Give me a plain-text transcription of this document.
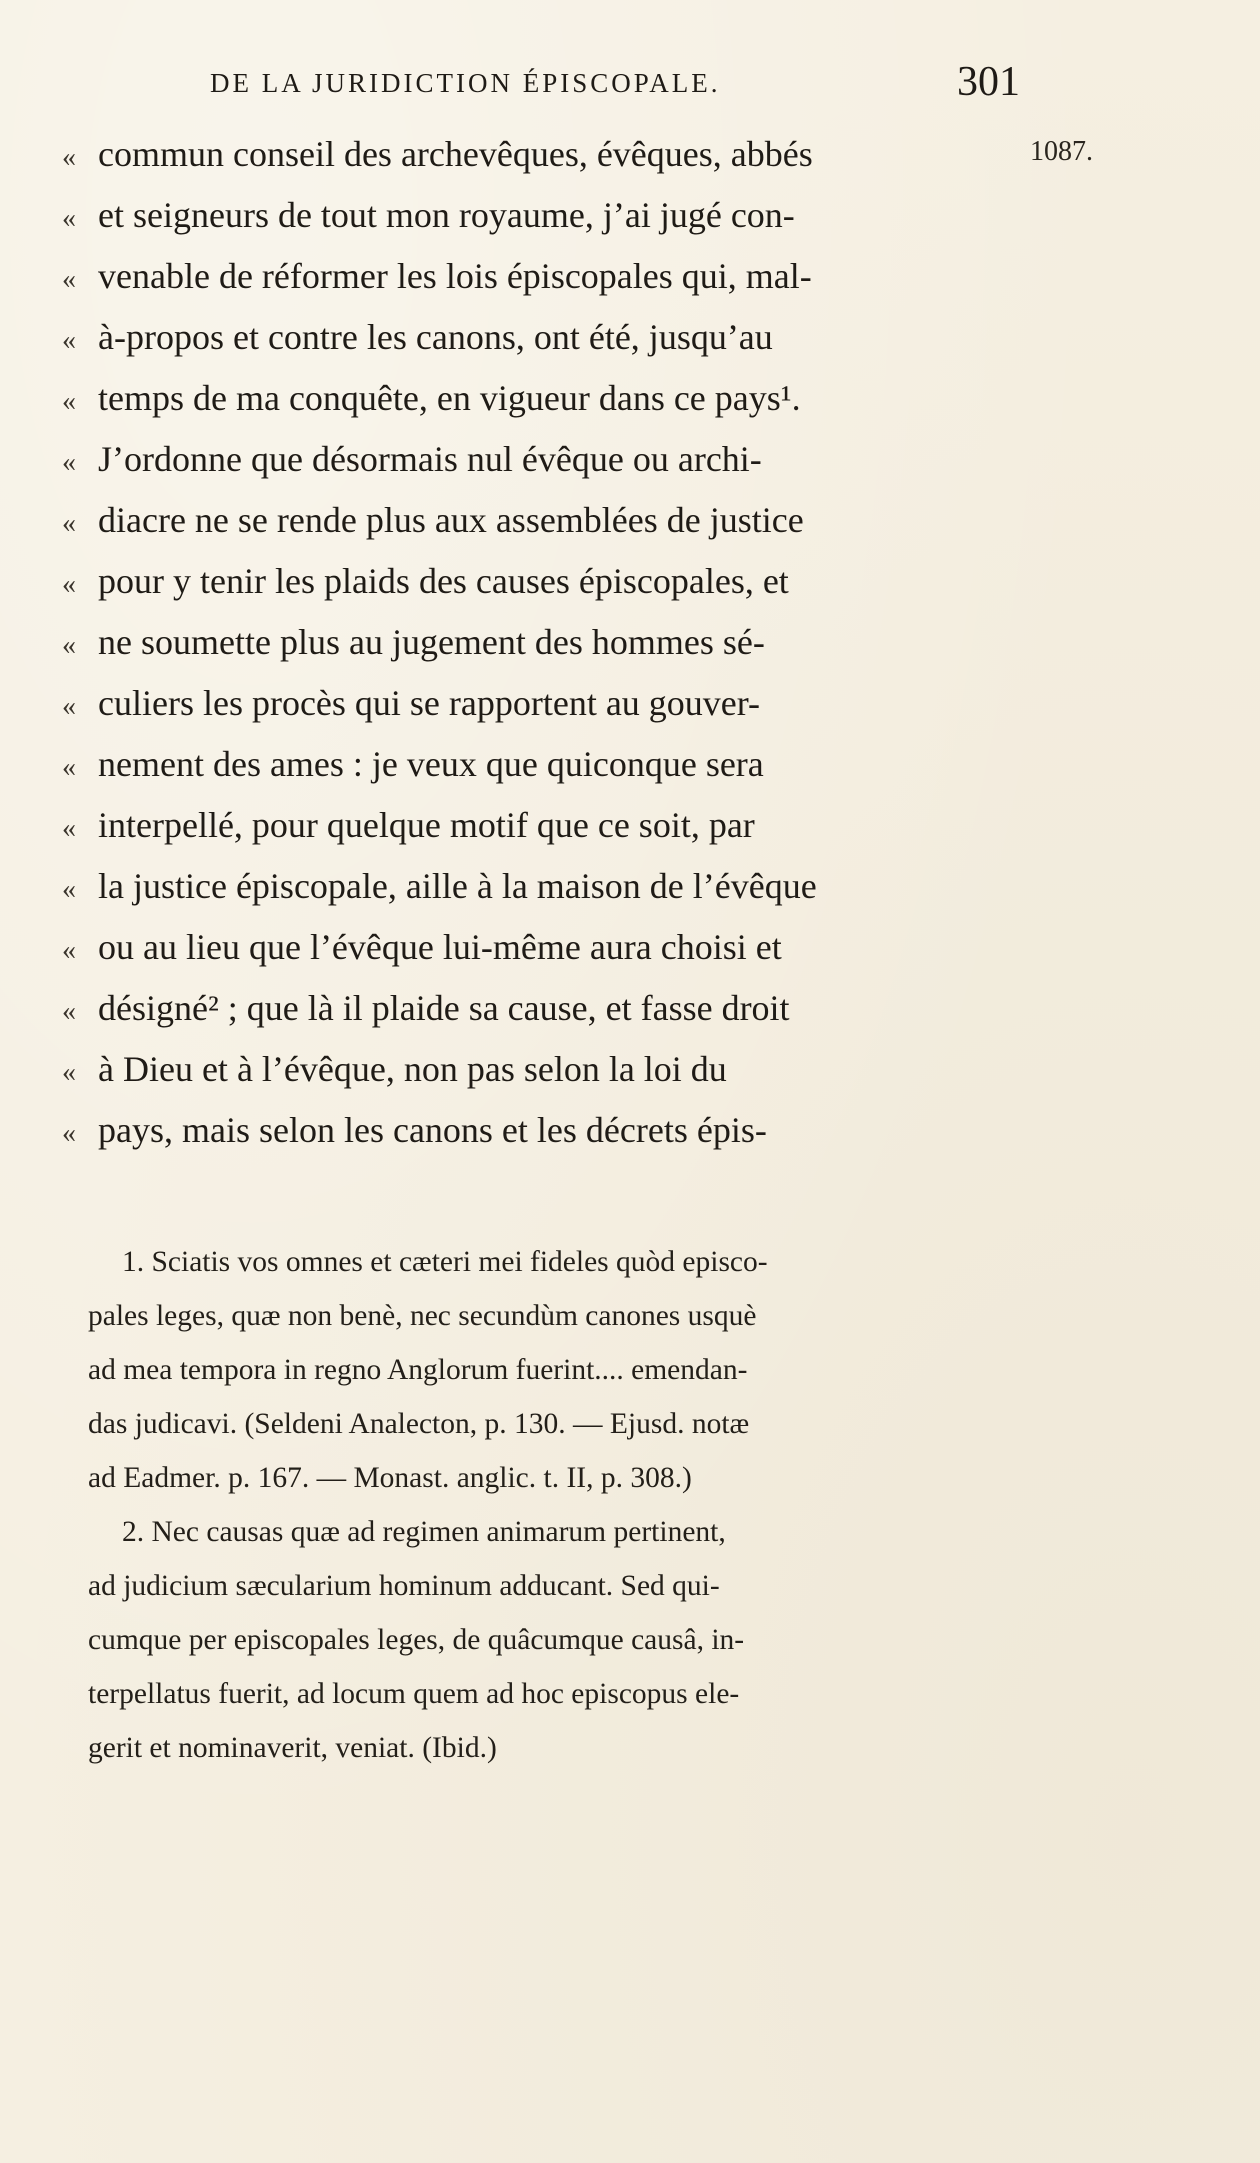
DE LA JURIDICTION ÉPISCOPALE.	301
1087.
« commun conseil des archevêques, évêques, abbés
« et seigneurs de tout mon royaume, j’ai jugé con-
« venable de réformer les lois épiscopales qui, mal-
« à-propos et contre les canons, ont été, jusqu’au
« temps de ma conquête, en vigueur dans ce pays¹.
« J’ordonne que désormais nul évêque ou archi-
« diacre ne se rende plus aux assemblées de justice
« pour y tenir les plaids des causes épiscopales, et
« ne soumette plus au jugement des hommes sé-
« culiers les procès qui se rapportent au gouver-
« nement des ames : je veux que quiconque sera
« interpellé, pour quelque motif que ce soit, par
« la justice épiscopale, aille à la maison de l’évêque
« ou au lieu que l’évêque lui-même aura choisi et
« désigné² ; que là il plaide sa cause, et fasse droit
« à Dieu et à l’évêque, non pas selon la loi du
« pays, mais selon les canons et les décrets épis-
1. Sciatis vos omnes et cæteri mei fideles quòd episco-
pales leges, quæ non benè, nec secundùm canones usquè
ad mea tempora in regno Anglorum fuerint.... emendan-
das judicavi. (Seldeni Analecton, p. 130. — Ejusd. notæ
ad Eadmer. p. 167. — Monast. anglic. t. II, p. 308.)
2. Nec causas quæ ad regimen animarum pertinent,
ad judicium sæcularium hominum adducant. Sed qui-
cumque per episcopales leges, de quâcumque causâ, in-
terpellatus fuerit, ad locum quem ad hoc episcopus ele-
gerit et nominaverit, veniat. (Ibid.)
